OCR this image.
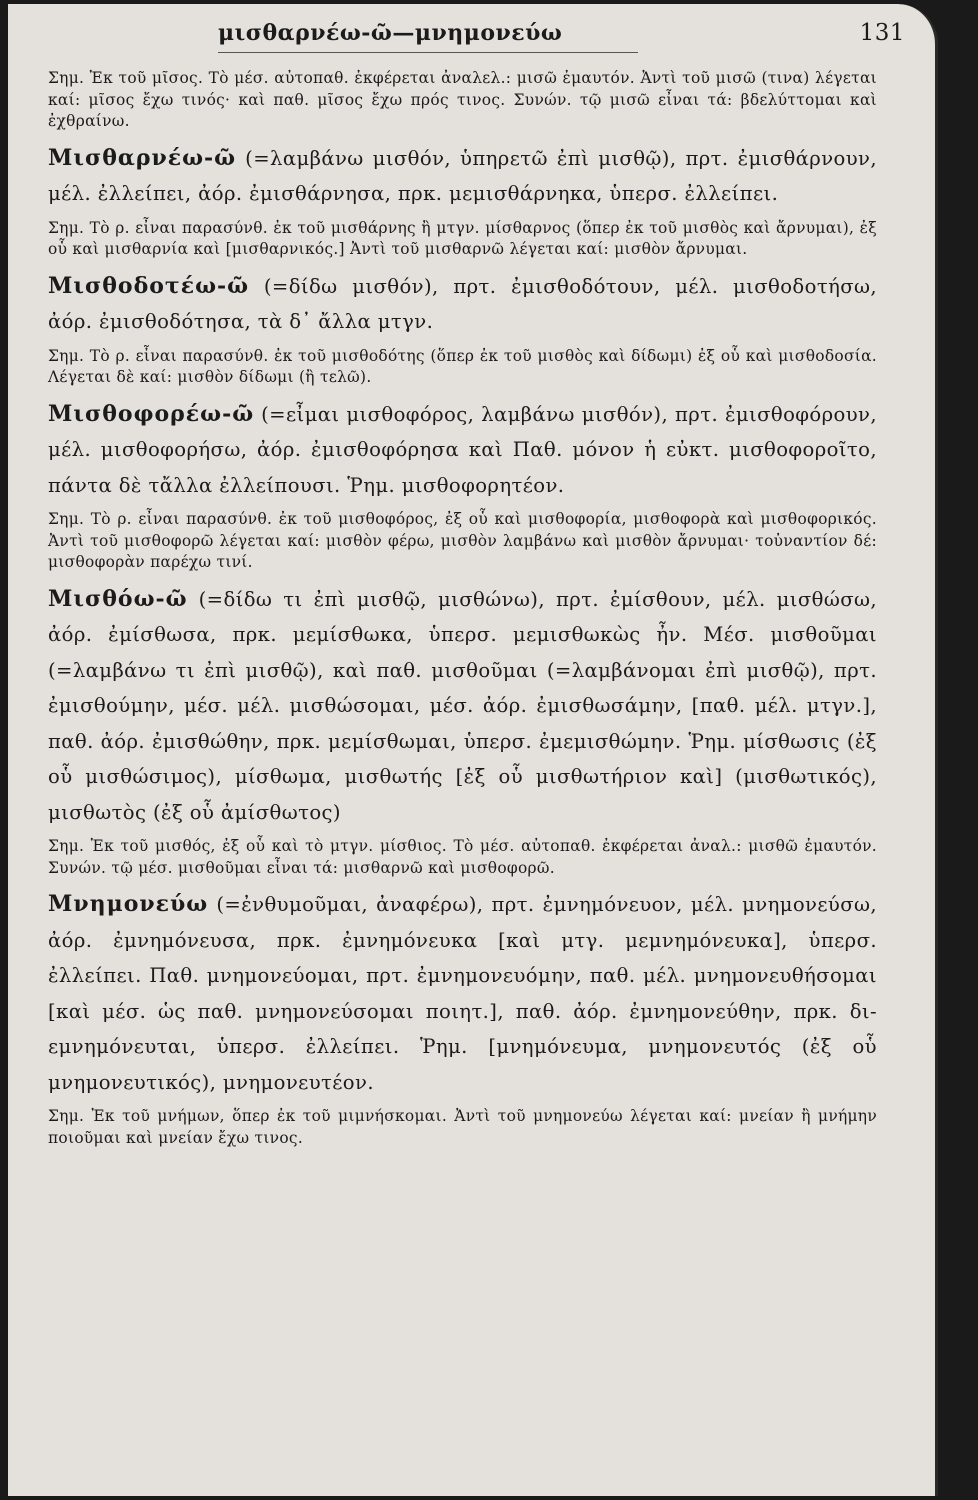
μισθαρνέω-ῶ—μνημονεύω	131

Σημ. Ἐκ τοῦ μῖσος. Τὸ μέσ. αὐτοπαθ. ἐκφέρεται ἀναλελ.: μισῶ ἐμαυτόν. Ἀντὶ τοῦ μισῶ (τινα) λέγεται καί: μῖσος ἔχω τινός· καὶ παθ. μῖσος ἔχω πρός τινος. Συνών. τῷ μισῶ εἶναι τά: βδελύττομαι καὶ ἐχθραίνω.

Μισθαρνέω-ῶ (=λαμβάνω μισθόν, ὑπηρετῶ ἐπὶ μισθῷ), πρτ. ἐμισθάρνουν, μέλ. ἐλλείπει, ἀόρ. ἐμισθάρνησα, πρκ. μεμισθάρνηκα, ὑπερσ. ἐλλείπει.

Σημ. Τὸ ρ. εἶναι παρασύνθ. ἐκ τοῦ μισθάρνης ἢ μτγν. μίσθαρνος (ὅπερ ἐκ τοῦ μισθὸς καὶ ἄρνυμαι), ἐξ οὗ καὶ μισθαρνία καὶ [μισθαρνικός.] Ἀντὶ τοῦ μισθαρνῶ λέγεται καί: μισθὸν ἄρνυμαι.

Μισθοδοτέω-ῶ (=δίδω μισθόν), πρτ. ἐμισθοδότουν, μέλ. μισθοδοτήσω, ἀόρ. ἐμισθοδότησα, τὰ δ᾽ ἄλλα μτγν.

Σημ. Τὸ ρ. εἶναι παρασύνθ. ἐκ τοῦ μισθοδότης (ὅπερ ἐκ τοῦ μισθὸς καὶ δίδωμι) ἐξ οὗ καὶ μισθοδοσία. Λέγεται δὲ καί: μισθὸν δίδωμι (ἢ τελῶ).

Μισθοφορέω-ῶ (=εἶμαι μισθοφόρος, λαμβάνω μισθόν), πρτ. ἐμισθοφόρουν, μέλ. μισθοφορήσω, ἀόρ. ἐμισθοφόρησα καὶ Παθ. μόνον ἡ εὐκτ. μισθοφοροῖτο, πάντα δὲ τἄλλα ἐλλείπουσι. Ῥημ. μισθοφορητέον.

Σημ. Τὸ ρ. εἶναι παρασύνθ. ἐκ τοῦ μισθοφόρος, ἐξ οὗ καὶ μισθοφορία, μισθοφορὰ καὶ μισθοφορικός. Ἀντὶ τοῦ μισθοφορῶ λέγεται καί: μισθὸν φέρω, μισθὸν λαμβάνω καὶ μισθὸν ἄρνυμαι· τοὐναντίον δέ: μισθοφορὰν παρέχω τινί.

Μισθόω-ῶ (=δίδω τι ἐπὶ μισθῷ, μισθώνω), πρτ. ἐμίσθουν, μέλ. μισθώσω, ἀόρ. ἐμίσθωσα, πρκ. μεμίσθωκα, ὑπερσ. μεμισθωκὼς ἦν. Μέσ. μισθοῦμαι (=λαμβάνω τι ἐπὶ μισθῷ), καὶ παθ. μισθοῦμαι (=λαμβάνομαι ἐπὶ μισθῷ), πρτ. ἐμισθούμην, μέσ. μέλ. μισθώσομαι, μέσ. ἀόρ. ἐμισθωσάμην, [παθ. μέλ. μτγν.], παθ. ἀόρ. ἐμισθώθην, πρκ. μεμίσθωμαι, ὑπερσ. ἐμεμισθώμην. Ῥημ. μίσθωσις (ἐξ οὗ μισθώσιμος), μίσθωμα, μισθωτής [ἐξ οὗ μισθωτήριον καὶ] (μισθωτικός), μισθωτὸς (ἐξ οὗ ἀμίσθωτος)

Σημ. Ἐκ τοῦ μισθός, ἐξ οὗ καὶ τὸ μτγν. μίσθιος. Τὸ μέσ. αὐτοπαθ. ἐκφέρεται ἀναλ.: μισθῶ ἐμαυτόν. Συνών. τῷ μέσ. μισθοῦμαι εἶναι τά: μισθαρνῶ καὶ μισθοφορῶ.

Μνημονεύω (=ἐνθυμοῦμαι, ἀναφέρω), πρτ. ἐμνημόνευον, μέλ. μνημονεύσω, ἀόρ. ἐμνημόνευσα, πρκ. ἐμνημόνευκα [καὶ μτγ. μεμνημόνευκα], ὑπερσ. ἐλλείπει. Παθ. μνημονεύομαι, πρτ. ἐμνημονευόμην, παθ. μέλ. μνημονευθήσομαι [καὶ μέσ. ὡς παθ. μνημονεύσομαι ποιητ.], παθ. ἀόρ. ἐμνημονεύθην, πρκ. δι-εμνημόνευται, ὑπερσ. ἐλλείπει. Ῥημ. [μνημόνευμα, μνημονευτός (ἐξ οὗ μνημονευτικός), μνημονευτέον.

Σημ. Ἐκ τοῦ μνήμων, ὅπερ ἐκ τοῦ μιμνήσκομαι. Ἀντὶ τοῦ μνημονεύω λέγεται καί: μνείαν ἢ μνήμην ποιοῦμαι καὶ μνείαν ἔχω τινος.
